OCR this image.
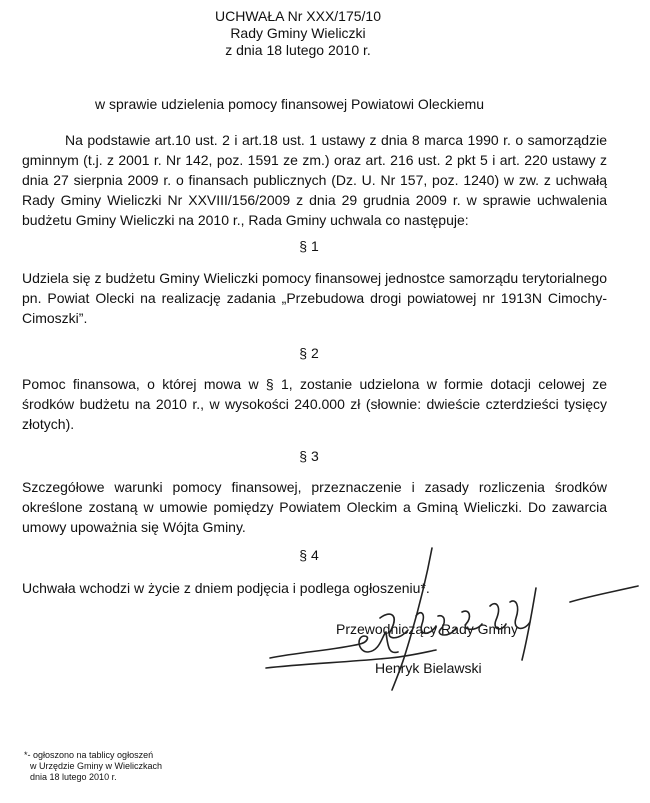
UCHWAŁA Nr XXX/175/10
Rady Gminy Wieliczki
z dnia 18 lutego 2010 r.
w sprawie udzielenia pomocy finansowej Powiatowi Oleckiemu

Na podstawie art.10 ust. 2 i art.18 ust. 1 ustawy z dnia 8 marca 1990 r. o samorządzie gminnym (t.j. z 2001 r. Nr 142, poz. 1591 ze zm.) oraz art. 216 ust. 2 pkt 5 i art. 220 ustawy z dnia 27 sierpnia 2009 r. o finansach publicznych (Dz. U. Nr 157, poz. 1240) w zw. z uchwałą Rady Gminy Wieliczki Nr XXVIII/156/2009 z dnia 29 grudnia 2009 r. w sprawie uchwalenia budżetu Gminy Wieliczki na 2010 r., Rada Gminy uchwala co następuje:

§ 1

Udziela się z budżetu Gminy Wieliczki pomocy finansowej jednostce samorządu terytorialnego pn. Powiat Olecki na realizację zadania „Przebudowa drogi powiatowej nr 1913N Cimochy-Cimoszki”.

§ 2

Pomoc finansowa, o której mowa w § 1, zostanie udzielona w formie dotacji celowej ze środków budżetu na 2010 r., w wysokości 240.000 zł (słownie: dwieście czterdzieści tysięcy złotych).

§ 3

Szczegółowe warunki pomocy finansowej, przeznaczenie i zasady rozliczenia środków określone zostaną w umowie pomiędzy Powiatem Oleckim a Gminą Wieliczki. Do zawarcia umowy upoważnia się Wójta Gminy.

§ 4

Uchwała wchodzi w życie z dniem podjęcia i podlega ogłoszeniu*.

Przewodniczący Rady Gminy
Henryk Bielawski
*- ogłoszono na tablicy ogłoszeń
w Urzędzie Gminy w Wieliczkach
dnia 18 lutego 2010 r.
